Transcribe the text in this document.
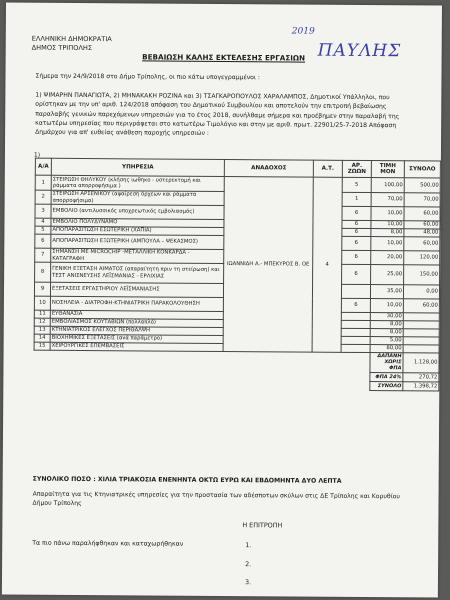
ΕΛΛΗΝΙΚΗ ΔΗΜΟΚΡΑΤΙΑ
ΔΗΜΟΣ ΤΡΙΠΟΛΗΣ
2019
ΠΑΥΛΗΣ
ΒΕΒΑΙΩΣΗ ΚΑΛΗΣ ΕΚΤΕΛΕΣΗΣ ΕΡΓΑΣΙΩΝ
Σήμερα την 24/9/2018 στο Δήμο Τρίπολης, οι πιο κάτω υπογεγραμμένοι :
1) ΨΙΜΑΡΗΝ ΠΑΝΑΓΙΩΤΑ, 2) ΜΗΝΑΚΑΚΗ ΡΟΖΙΝΑ και 3) ΤΣΑΓΚΑΡΟΠΟΥΛΟΣ ΧΑΡΑΛΑΜΠΟΣ, Δημοτικοί Υπάλληλοι, που ορίστηκαν με την υπ' αριθ. 124/2018 απόφαση του Δημοτικού Συμβουλίου και αποτελούν την επιτροπή βεβαίωσης παραλαβής γενικών παρεχόμενων υπηρεσιών για το έτος 2018, συνήλθαμε σήμερα και προέβημεν στην παραλαβή της κατωτέρω υπηρεσίας που περιγράφεται στο κατωτέρω Τιμολόγιο και στην με αριθ. πρωτ. 22901/25-7-2018 Απόφαση Δημάρχου για απ' ευθείας ανάθεση παροχής υπηρεσιών :
1)
Α/Α	ΥΠΗΡΕΣΙΑ	ΑΝΑΔΟΧΟΣ	Α.Τ.	ΑΡ. ΖΩΩΝ	ΤΙΜΗ ΜΟΝ	ΣΥΝΟΛΟ
1	ΣΤΕΙΡΩΣΗ ΘΗΛΥΚΟΥ (κλήσης ιωθηκο - υστερεκτομή και ράμματα απορροφήσιμα )	ΙΩΑΝΝΙΔΗ Α.- ΜΠΕΚΥΡΟΣ Β. ΟΕ	4	5	100,00	500,00
2	ΣΤΕΙΡΩΣΗ ΑΡΣΕΝΙΚΟΥ (αφαίρεση όρχεων και ράμματα απορροφήσιμα)			1	70,00	70,00
3	ΕΜΒΟΛΙΟ (αντιλυσσικός υποχρεωτικός εμβολιασμός)			6	10,00	60,00
4	ΕΜΒΟΛΙΟ ΠΟΛΥΔΥΝΑΜΟ			6	10,00	60,00
5	ΑΠΟΠΑΡΑΣΙΤΩΣΗ ΕΣΩΤΕΡΙΚΗ (ΧΑΠΙΑ)			6	8,00	48,00
6	ΑΠΟΠΑΡΑΣΙΤΩΣΗ ΕΞΩΤΕΡΙΚΗ (ΑΜΠΟΥΛΑ – ΨΕΚΑΣΜΟΣ)			6	10,00	60,00
7	ΣΗΜΑΝΣΗ ΜΕ MICROCHIP -ΜΕΤΑΛΛΙΚΗ ΚΟΝΚΑΡΔΑ - ΚΑΤΑΓΡΑΦΗ			6	20,00	120,00
8	ΓΕΝΙΚΗ ΕΞΕΤΑΣΗ ΑΙΜΑΤΟΣ (απαραίτητη πριν τη στείρωση) και ΤΕΣΤ ΑΝΙΣΝΕΥΣΗΣ ΛΕΪΣΜΑΝΙΑΣ - ΕΡΛΙΧΙΑΣ			6	25,00	150,00
9	ΕΞΕΤΑΣΕΙΣ ΕΡΓΑΣΤΗΡΙΟΥ ΛΕΪΣΜΑΝΙΑΣΗΣ				35,00	0,00
10	ΝΟΣΗΛΕΙΑ - ΔΙΑΤΡΟΦΗ-ΚΤΗΝΙΑΤΡΙΚΗ ΠΑΡΑΚΟΛΟΥΘΗΣΗ			6	10,00	60,00
11	ΕΥΘΑΝΑΣΙΑ				30,00	
12	ΕΜΒΟΛΙΑΣΜΟΣ ΚΟΥΤΑΒΙΩΝ (πολλαπλό)				8,00	
13	ΚΤΗΝΙΑΤΡΙΚΟΣ ΕΛΕΓΧΟΣ ΠΕΡΙΘΑΛΨΗ				8,00	
14	ΒΙΟΧΗΜΙΚΕΣ ΕΞΕΤΑΣΕΙΣ (ανά παράμετρο)				5,00	
15	ΧΕΙΡΟΥΡΓΙΚΕΣ ΕΠΕΜΒΑΣΕΙΣ				80,00	
					ΔΑΠΑΝΗ ΧΩΡΙΣ ΦΠΑ	1.128,00
					ΦΠΑ 24%	270,72
					ΣΥΝΟΛΟ	1.398,72
ΣΥΝΟΛΙΚΟ ΠΟΣΟ : ΧΙΛΙΑ ΤΡΙΑΚΟΣΙΑ ΕΝΕΝΗΝΤΑ ΟΚΤΩ ΕΥΡΩ ΚΑΙ ΕΒΔΟΜΗΝΤΑ ΔΥΟ ΛΕΠΤΑ
Απαραίτητα για τις Κτηνιατρικές υπηρεσίες για την προστασία των αδέσποτων σκύλων στις ΔΕ Τρίπολης και Κορυθίου Δήμου Τρίπολης
Η ΕΠΙΤΡΟΠΗ
Τα πιο πάνω παραλήφθηκαν και καταχωρήθηκαν	1.
2.
3.
